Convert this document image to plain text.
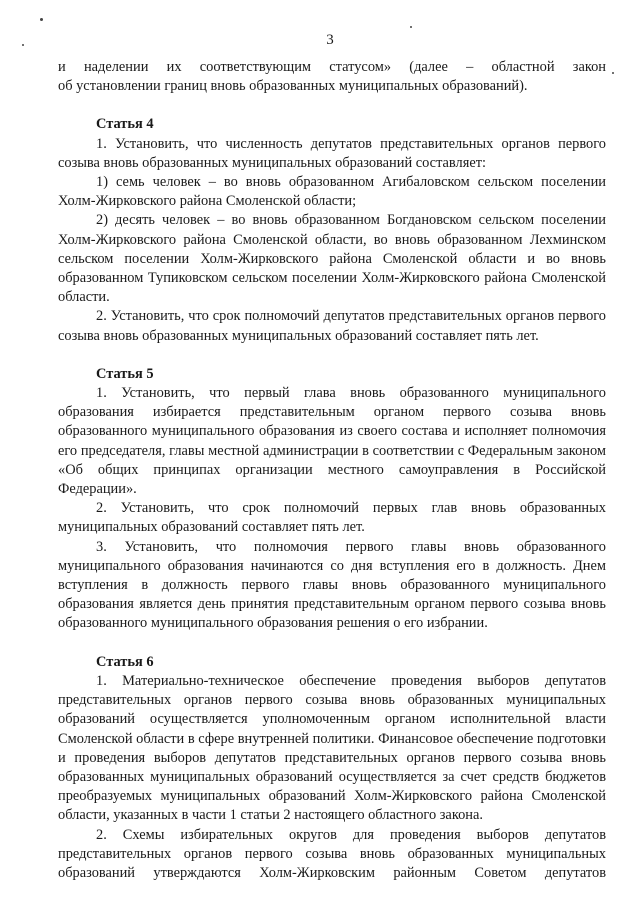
3

и наделении их соответствующим статусом» (далее – областной закон

об установлении границ вновь образованных муниципальных образований).

Статья 4

1. Установить, что численность депутатов представительных органов первого созыва вновь образованных муниципальных образований составляет:

1) семь человек – во вновь образованном Агибаловском сельском поселении Холм-Жирковского района Смоленской области;

2) десять человек – во вновь образованном Богдановском сельском поселении Холм-Жирковского района Смоленской области, во вновь образованном Лехминском сельском поселении Холм-Жирковского района Смоленской области и во вновь образованном Тупиковском сельском поселении Холм-Жирковского района Смоленской области.

2. Установить, что срок полномочий депутатов представительных органов первого созыва вновь образованных муниципальных образований составляет пять лет.

Статья 5

1. Установить, что первый глава вновь образованного муниципального образования избирается представительным органом первого созыва вновь образованного муниципального образования из своего состава и исполняет полномочия его председателя, главы местной администрации в соответствии с Федеральным законом «Об общих принципах организации местного самоуправления в Российской Федерации».

2. Установить, что срок полномочий первых глав вновь образованных муниципальных образований составляет пять лет.

3. Установить, что полномочия первого главы вновь образованного муниципального образования начинаются со дня вступления его в должность. Днем вступления в должность первого главы вновь образованного муниципального образования является день принятия представительным органом первого созыва вновь образованного муниципального образования решения о его избрании.

Статья 6

1. Материально-техническое обеспечение проведения выборов депутатов представительных органов первого созыва вновь образованных муниципальных образований осуществляется уполномоченным органом исполнительной власти Смоленской области в сфере внутренней политики. Финансовое обеспечение подготовки и проведения выборов депутатов представительных органов первого созыва вновь образованных муниципальных образований осуществляется за счет средств бюджетов преобразуемых муниципальных образований Холм-Жирковского района Смоленской области, указанных в части 1 статьи 2 настоящего областного закона.

2. Схемы избирательных округов для проведения выборов депутатов представительных органов первого созыва вновь образованных муниципальных образований утверждаются Холм-Жирковским районным Советом депутатов
